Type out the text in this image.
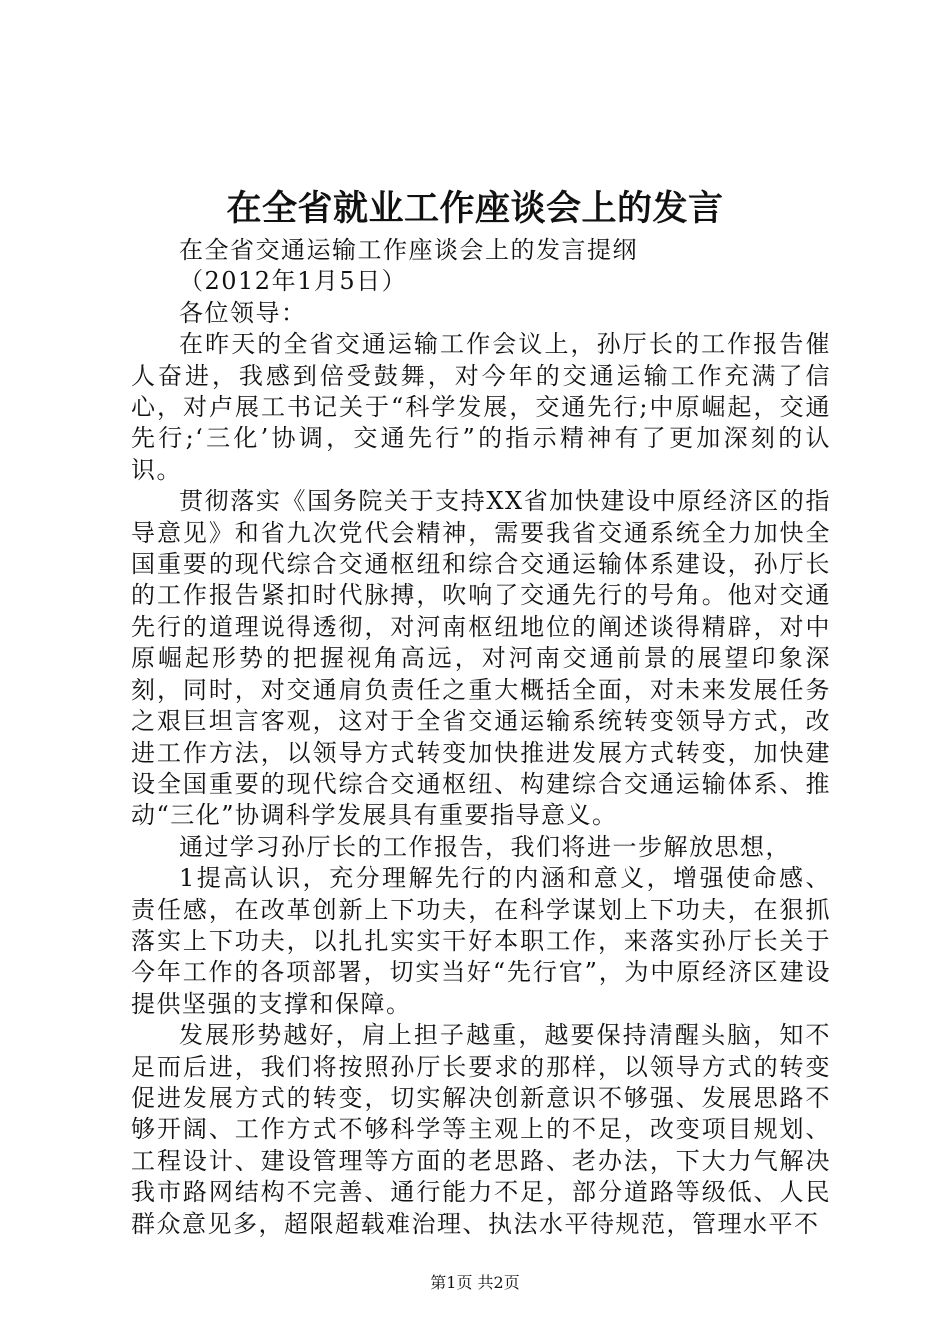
在全省就业工作座谈会上的发言

在全省交通运输工作座谈会上的发言提纲

（2012年1月5日）

各位领导：

在昨天的全省交通运输工作会议上，孙厅长的工作报告催人奋进，我感到倍受鼓舞，对今年的交通运输工作充满了信心，对卢展工书记关于“科学发展，交通先行;中原崛起，交通先行;‘三化’协调，交通先行”的指示精神有了更加深刻的认识。

贯彻落实《国务院关于支持XX省加快建设中原经济区的指导意见》和省九次党代会精神，需要我省交通系统全力加快全国重要的现代综合交通枢纽和综合交通运输体系建设，孙厅长的工作报告紧扣时代脉搏，吹响了交通先行的号角。他对交通先行的道理说得透彻，对河南枢纽地位的阐述谈得精辟，对中原崛起形势的把握视角高远，对河南交通前景的展望印象深刻，同时，对交通肩负责任之重大概括全面，对未来发展任务之艰巨坦言客观，这对于全省交通运输系统转变领导方式，改进工作方法，以领导方式转变加快推进发展方式转变，加快建设全国重要的现代综合交通枢纽、构建综合交通运输体系、推动“三化”协调科学发展具有重要指导意义。

通过学习孙厅长的工作报告，我们将进一步解放思想，

1提高认识，充分理解先行的内涵和意义，增强使命感、责任感，在改革创新上下功夫，在科学谋划上下功夫，在狠抓落实上下功夫，以扎扎实实干好本职工作，来落实孙厅长关于今年工作的各项部署，切实当好“先行官”，为中原经济区建设提供坚强的支撑和保障。

发展形势越好，肩上担子越重，越要保持清醒头脑，知不足而后进，我们将按照孙厅长要求的那样，以领导方式的转变促进发展方式的转变，切实解决创新意识不够强、发展思路不够开阔、工作方式不够科学等主观上的不足，改变项目规划、工程设计、建设管理等方面的老思路、老办法，下大力气解决我市路网结构不完善、通行能力不足，部分道路等级低、人民群众意见多，超限超载难治理、执法水平待规范，管理水平不

第1页 共2页
